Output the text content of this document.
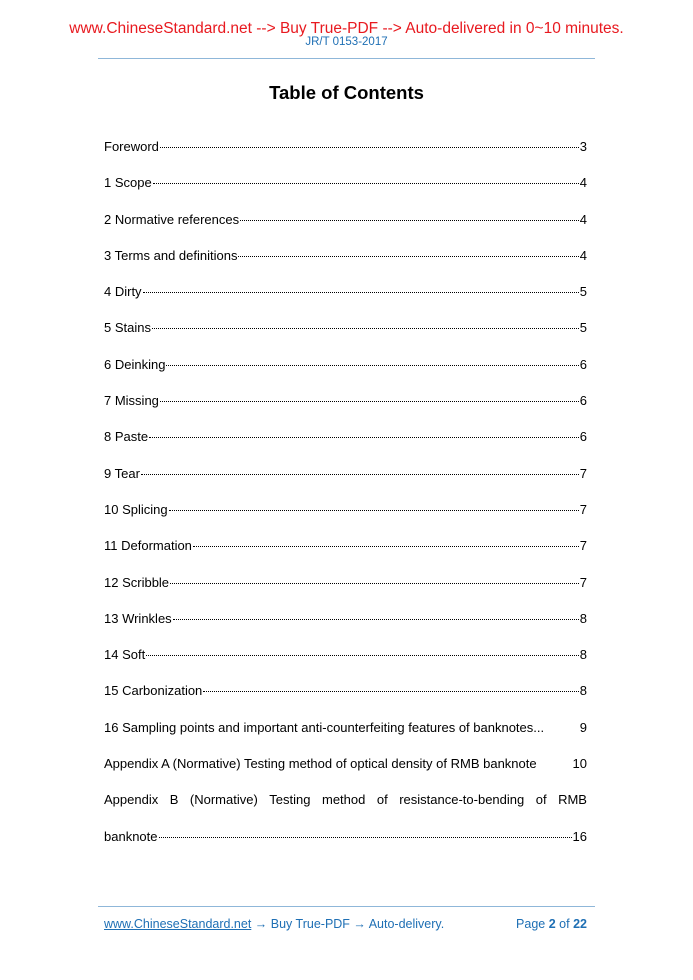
www.ChineseStandard.net --> Buy True-PDF --> Auto-delivered in 0~10 minutes.
JR/T 0153-2017
Table of Contents
Foreword	3
1 Scope	4
2 Normative references	4
3 Terms and definitions	4
4 Dirty	5
5 Stains	5
6 Deinking	6
7 Missing	6
8 Paste	6
9 Tear	7
10 Splicing	7
11 Deformation	7
12 Scribble	7
13 Wrinkles	8
14 Soft	8
15 Carbonization	8
16 Sampling points and important anti-counterfeiting features of banknotes...	9
Appendix A (Normative) Testing method of optical density of RMB banknote	10
Appendix B (Normative) Testing method of resistance-to-bending of RMB
banknote	16
www.ChineseStandard.net → Buy True-PDF → Auto-delivery.	Page 2 of 22
